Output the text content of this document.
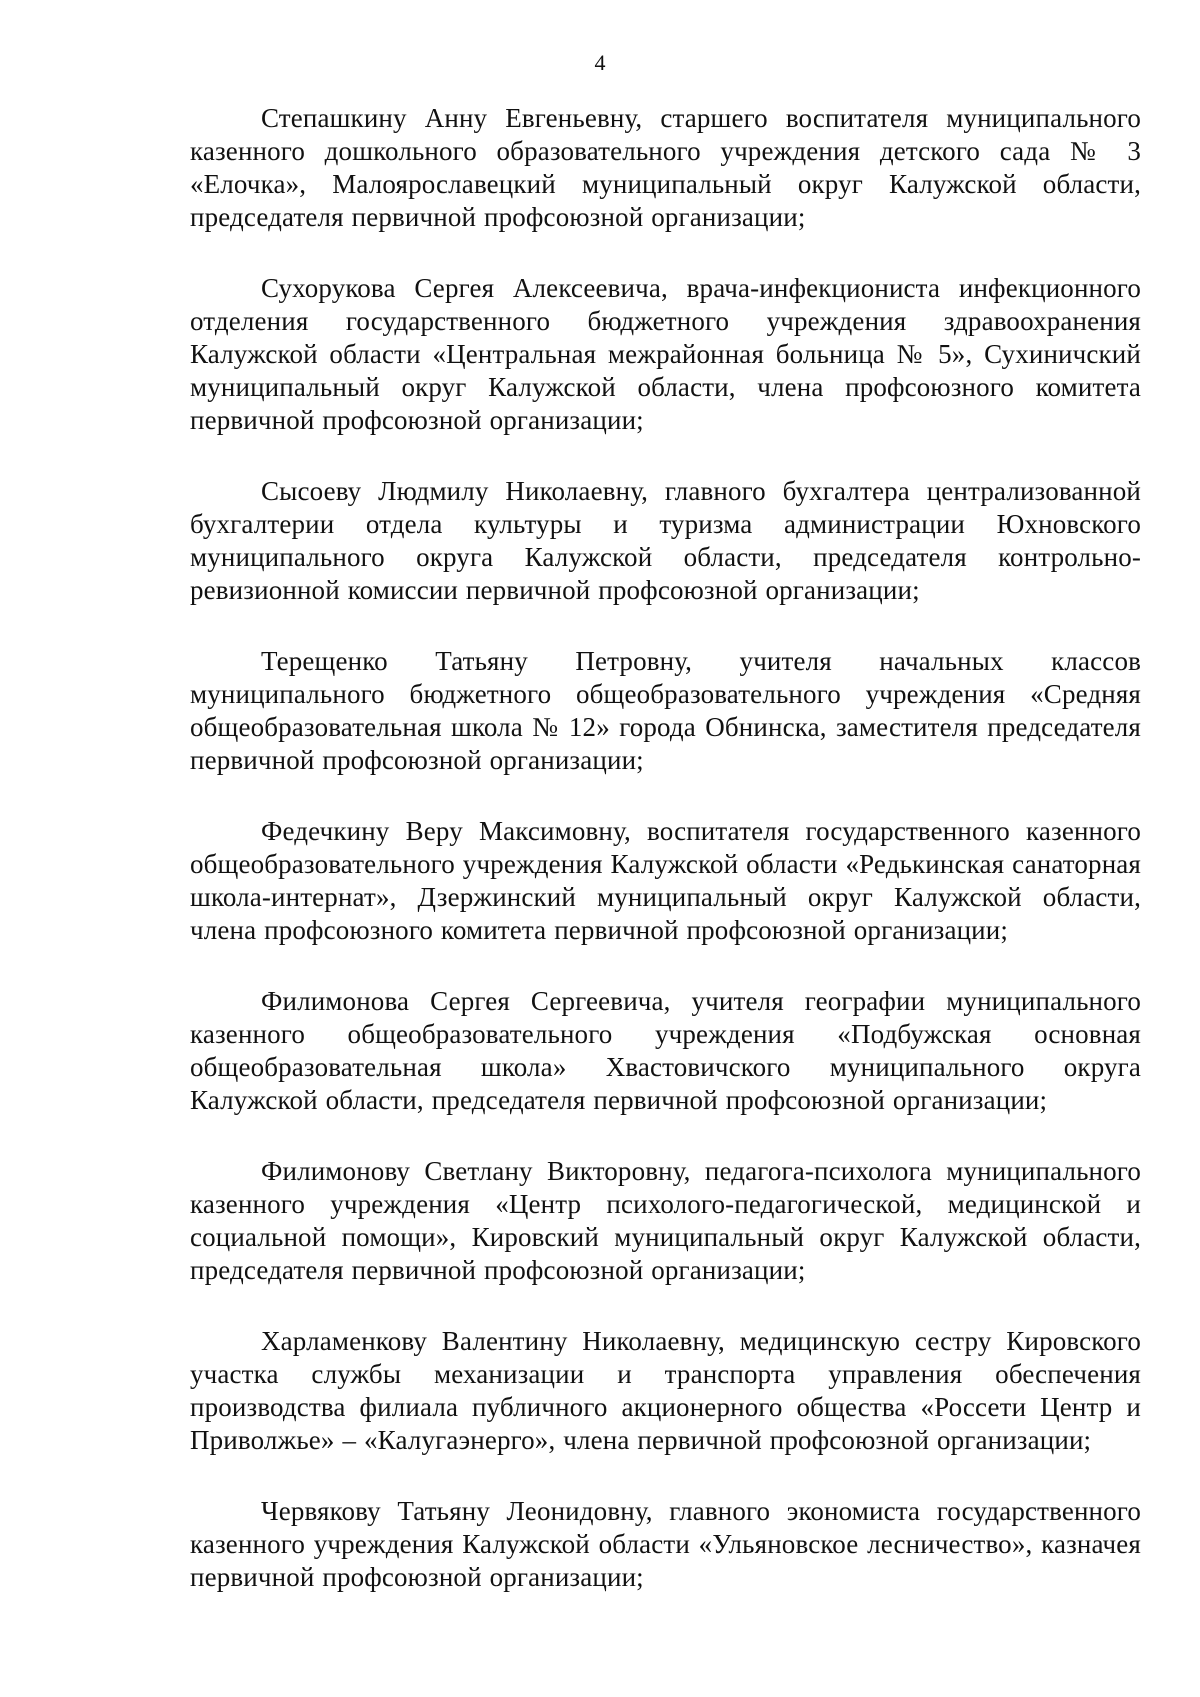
4

Степашкину Анну Евгеньевну, старшего воспитателя муниципального казенного дошкольного образовательного учреждения детского сада № 3 «Елочка», Малоярославецкий муниципальный округ Калужской области, председателя первичной профсоюзной организации;

Сухорукова Сергея Алексеевича, врача-инфекциониста инфекционного отделения государственного бюджетного учреждения здравоохранения Калужской области «Центральная межрайонная больница № 5», Сухиничский муниципальный округ Калужской области, члена профсоюзного комитета первичной профсоюзной организации;

Сысоеву Людмилу Николаевну, главного бухгалтера централизованной бухгалтерии отдела культуры и туризма администрации Юхновского муниципального округа Калужской области, председателя контрольно-ревизионной комиссии первичной профсоюзной организации;

Терещенко Татьяну Петровну, учителя начальных классов муниципального бюджетного общеобразовательного учреждения «Средняя общеобразовательная школа № 12» города Обнинска, заместителя председателя первичной профсоюзной организации;

Федечкину Веру Максимовну, воспитателя государственного казенного общеобразовательного учреждения Калужской области «Редькинская санаторная школа-интернат», Дзержинский муниципальный округ Калужской области, члена профсоюзного комитета первичной профсоюзной организации;

Филимонова Сергея Сергеевича, учителя географии муниципального казенного общеобразовательного учреждения «Подбужская основная общеобразовательная школа» Хвастовичского муниципального округа Калужской области, председателя первичной профсоюзной организации;

Филимонову Светлану Викторовну, педагога-психолога муниципального казенного учреждения «Центр психолого-педагогической, медицинской и социальной помощи», Кировский муниципальный округ Калужской области, председателя первичной профсоюзной организации;

Харламенкову Валентину Николаевну, медицинскую сестру Кировского участка службы механизации и транспорта управления обеспечения производства филиала публичного акционерного общества «Россети Центр и Приволжье» – «Калугаэнерго», члена первичной профсоюзной организации;

Червякову Татьяну Леонидовну, главного экономиста государственного казенного учреждения Калужской области «Ульяновское лесничество», казначея первичной профсоюзной организации;
